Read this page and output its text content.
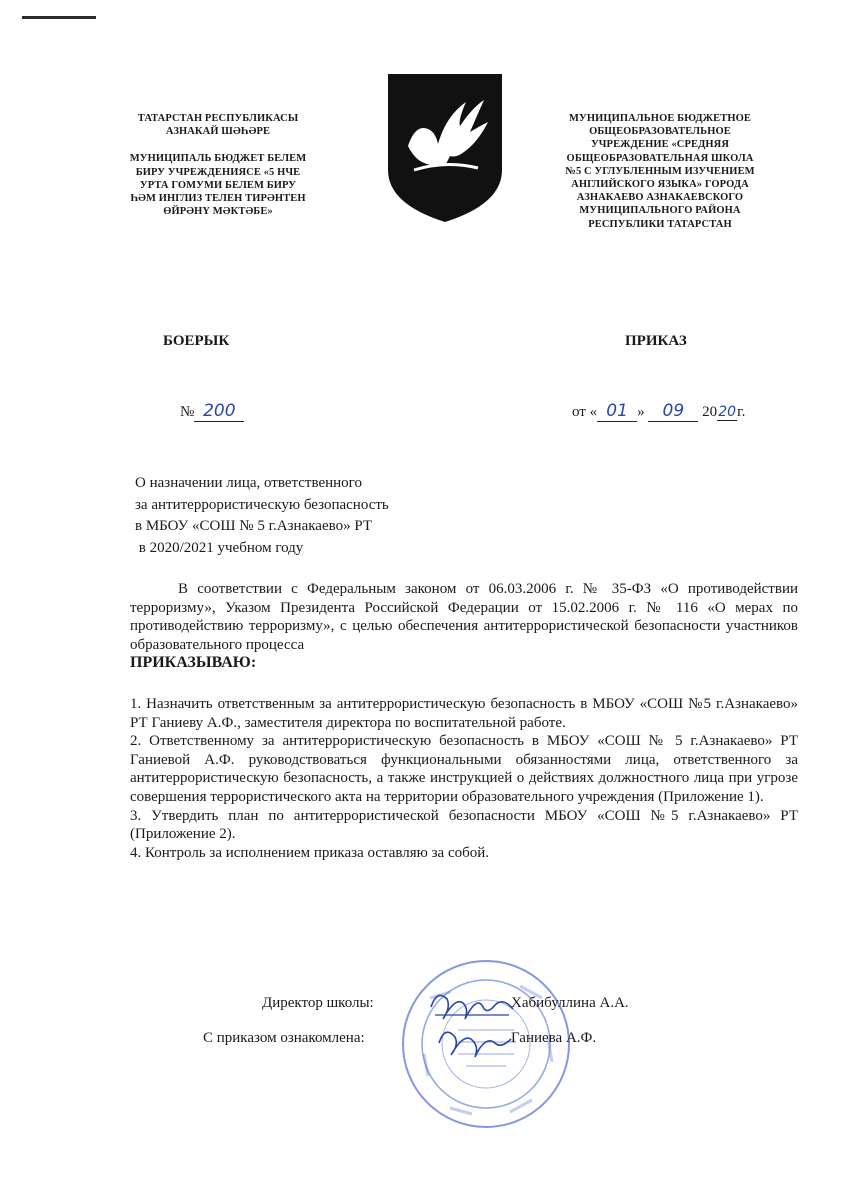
ТАТАРСТАН РЕСПУБЛИКАСЫ

АЗНАКАЙ ШӘҺӘРЕ

МУНИЦИПАЛЬ БЮДЖЕТ БЕЛЕМ

БИРУ УЧРЕЖДЕНИЯСЕ «5 НЧЕ

УРТА ГОМУМИ БЕЛЕМ БИРУ

ҺӘМ ИНГЛИЗ ТЕЛЕН ТИРӘНТЕН

ӨЙРӘНҮ МӘКТӘБЕ»

МУНИЦИПАЛЬНОЕ БЮДЖЕТНОЕ

ОБЩЕОБРАЗОВАТЕЛЬНОЕ

УЧРЕЖДЕНИЕ «СРЕДНЯЯ

ОБЩЕОБРАЗОВАТЕЛЬНАЯ ШКОЛА

№5 С УГЛУБЛЕННЫМ ИЗУЧЕНИЕМ

АНГЛИЙСКОГО ЯЗЫКА» ГОРОДА

АЗНАКАЕВО АЗНАКАЕВСКОГО

МУНИЦИПАЛЬНОГО РАЙОНА

РЕСПУБЛИКИ ТАТАРСТАН

БОЕРЫК	ПРИКАЗ
№ 200	от « 01 » 09 2020г.
О назначении лица, ответственного
за антитеррористическую безопасность
в МБОУ «СОШ № 5 г.Азнакаево» РТ
в 2020/2021 учебном году
В соответствии с Федеральным законом от 06.03.2006 г. № 35-ФЗ «О противодействии терроризму», Указом Президента Российской Федерации от 15.02.2006 г. № 116 «О мерах по противодействию терроризму», с целью обеспечения антитеррористической безопасности участников образовательного процесса
ПРИКАЗЫВАЮ:

1. Назначить ответственным за антитеррористическую безопасность в МБОУ «СОШ №5 г.Азнакаево» РТ Ганиеву А.Ф., заместителя директора по воспитательной работе.

2. Ответственному за антитеррористическую безопасность в МБОУ «СОШ № 5 г.Азнакаево» РТ Ганиевой А.Ф. руководствоваться функциональными обязанностями лица, ответственного за антитеррористическую безопасность, а также инструкцией о действиях должностного лица при угрозе совершения террористического акта на территории образовательного учреждения (Приложение 1).

3. Утвердить план по антитеррористической безопасности МБОУ «СОШ №5 г.Азнакаево» РТ (Приложение 2).

4. Контроль за исполнением приказа оставляю за собой.

Директор школы:	Хабибуллина А.А.
С приказом ознакомлена:	Ганиева А.Ф.
